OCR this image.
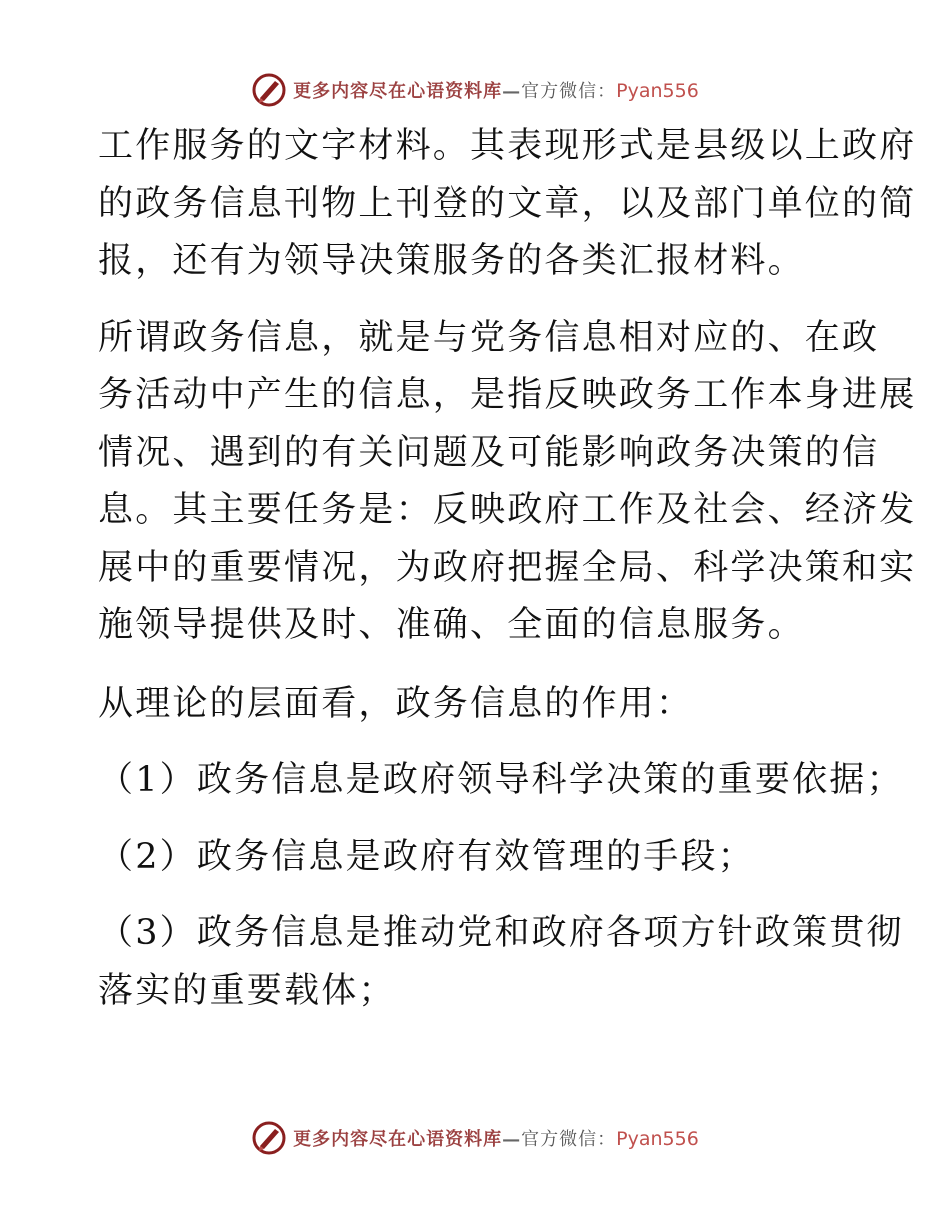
更多内容尽在心语资料库—官方微信：Pyan556

工作服务的文字材料。其表现形式是县级以上政府
的政务信息刊物上刊登的文章，以及部门单位的简
报，还有为领导决策服务的各类汇报材料。

所谓政务信息，就是与党务信息相对应的、在政
务活动中产生的信息，是指反映政务工作本身进展
情况、遇到的有关问题及可能影响政务决策的信
息。其主要任务是：反映政府工作及社会、经济发
展中的重要情况，为政府把握全局、科学决策和实
施领导提供及时、准确、全面的信息服务。

从理论的层面看，政务信息的作用：

（1）政务信息是政府领导科学决策的重要依据；

（2）政务信息是政府有效管理的手段；

（3）政务信息是推动党和政府各项方针政策贯彻
落实的重要载体；

更多内容尽在心语资料库—官方微信：Pyan556
